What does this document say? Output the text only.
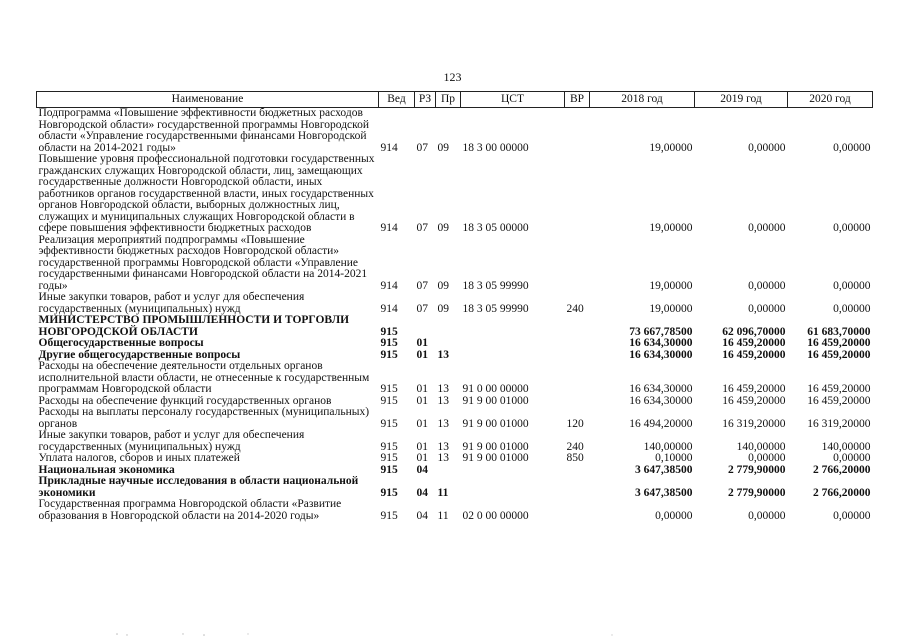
123
Наименование	Вед	РЗ	Пр	ЦСТ	ВР	2018 год	2019 год	2020 год
Подпрограмма «Повышение эффективности бюджетных расходов Новгородской области» государственной программы Новгородской области «Управление государственными финансами Новгородской области на 2014-2021 годы»	914	07	09	18 3 00 00000		19,00000	0,00000	0,00000
Повышение уровня профессиональной подготовки государственных гражданских служащих Новгородской области, лиц, замещающих государственные должности Новгородской области, иных работников органов государственной власти, иных государственных органов Новгородской области, выборных должностных лиц, служащих и муниципальных служащих Новгородской области в сфере повышения эффективности бюджетных расходов	914	07	09	18 3 05 00000		19,00000	0,00000	0,00000
Реализация мероприятий подпрограммы «Повышение эффективности бюджетных расходов Новгородской области» государственной программы Новгородской области «Управление государственными финансами Новгородской области на 2014-2021 годы»	914	07	09	18 3 05 99990		19,00000	0,00000	0,00000
Иные закупки товаров, работ и услуг для обеспечения государственных (муниципальных) нужд	914	07	09	18 3 05 99990	240	19,00000	0,00000	0,00000
МИНИСТЕРСТВО ПРОМЫШЛЕННОСТИ И ТОРГОВЛИ НОВГОРОДСКОЙ ОБЛАСТИ	915					73 667,78500	62 096,70000	61 683,70000
Общегосударственные вопросы	915	01				16 634,30000	16 459,20000	16 459,20000
Другие общегосударственные вопросы	915	01	13			16 634,30000	16 459,20000	16 459,20000
Расходы на обеспечение деятельности отдельных органов исполнительной власти области, не отнесенные к государственным программам Новгородской области	915	01	13	91 0 00 00000		16 634,30000	16 459,20000	16 459,20000
Расходы на обеспечение функций государственных органов	915	01	13	91 9 00 01000		16 634,30000	16 459,20000	16 459,20000
Расходы на выплаты персоналу государственных (муниципальных) органов	915	01	13	91 9 00 01000	120	16 494,20000	16 319,20000	16 319,20000
Иные закупки товаров, работ и услуг для обеспечения государственных (муниципальных) нужд	915	01	13	91 9 00 01000	240	140,00000	140,00000	140,00000
Уплата налогов, сборов и иных платежей	915	01	13	91 9 00 01000	850	0,10000	0,00000	0,00000
Национальная экономика	915	04				3 647,38500	2 779,90000	2 766,20000
Прикладные научные исследования в области национальной экономики	915	04	11			3 647,38500	2 779,90000	2 766,20000
Государственная программа Новгородской области «Развитие образования в Новгородской области на 2014-2020 годы»	915	04	11	02 0 00 00000		0,00000	0,00000	0,00000
